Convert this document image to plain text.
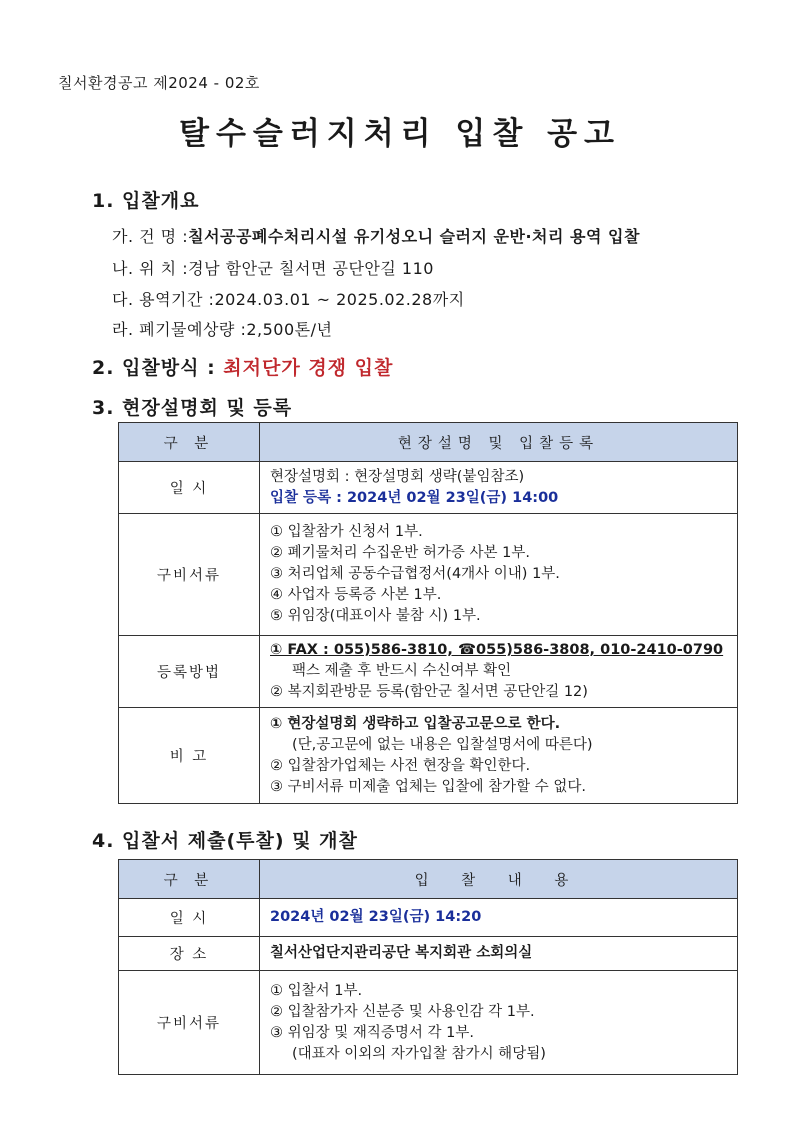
칠서환경공고 제2024 - 02호
탈수슬러지처리 입찰 공고
1. 입찰개요
가. 건 명 :칠서공공폐수처리시설 유기성오니 슬러지 운반·처리 용역 입찰
나. 위 치 :경남 함안군 칠서면 공단안길 110
다. 용역기간 :2024.03.01 ~ 2025.02.28까지
라. 폐기물예상량 :2,500톤/년
2. 입찰방식 : 최저단가 경쟁 입찰
3. 현장설명회 및 등록
구 분	현장설명 및 입찰등록
일 시	현장설명회 : 현장설명회 생략(붙임참조)
입찰 등록 : 2024년 02월 23일(금) 14:00

구비서류	① 입찰참가 신청서 1부.
② 폐기물처리 수집운반 허가증 사본 1부.
③ 처리업체 공동수급협정서(4개사 이내) 1부.
④ 사업자 등록증 사본 1부.
⑤ 위임장(대표이사 불참 시) 1부.

등록방법	① FAX : 055)586-3810, ☎055)586-3808, 010-2410-0790
팩스 제출 후 반드시 수신여부 확인
② 복지회관방문 등록(함안군 칠서면 공단안길 12)

비 고	① 현장설명회 생략하고 입찰공고문으로 한다.
(단,공고문에 없는 내용은 입찰설명서에 따른다)
② 입찰참가업체는 사전 현장을 확인한다.
③ 구비서류 미제출 업체는 입찰에 참가할 수 없다.
4. 입찰서 제출(투찰) 및 개찰
구 분	입 찰 내 용
일 시	2024년 02월 23일(금) 14:20

장 소	칠서산업단지관리공단 복지회관 소회의실

구비서류	① 입찰서 1부.
② 입찰참가자 신분증 및 사용인감 각 1부.
③ 위임장 및 재직증명서 각 1부.
(대표자 이외의 자가입찰 참가시 해당됨)
